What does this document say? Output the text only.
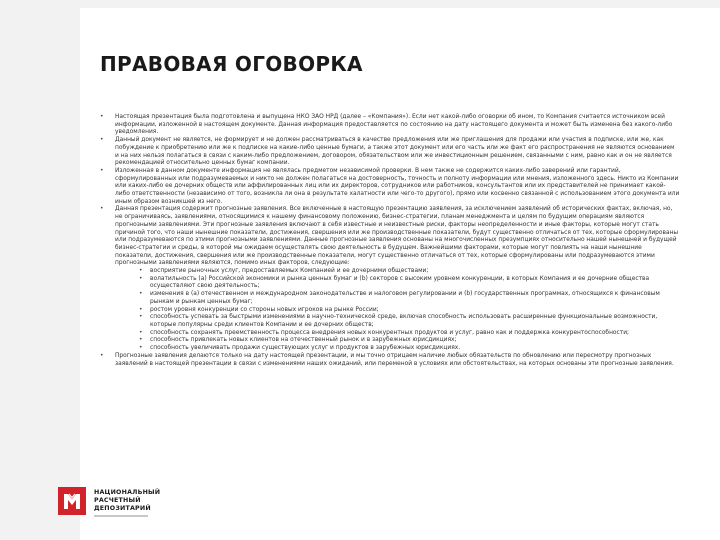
ПРАВОВАЯ ОГОВОРКА
• Настоящая презентация была подготовлена и выпущена НКО ЗАО НРД (далее – «Компания»). Если нет какой-либо оговорки об ином, то Компания считается источником всей информации, изложенной в настоящем документе. Данная информация предоставляется по состоянию на дату настоящего документа и может быть изменена без какого-либо уведомления.
• Данный документ не является, не формирует и не должен рассматриваться в качестве предложения или же приглашения для продажи или участия в подписке, или же, как побуждение к приобретению или же к подписке на какие-либо ценные бумаги, а также этот документ или его часть или же факт его распространения не являются основанием и на них нельзя полагаться в связи с каким-либо предложением, договором, обязательством или же инвестиционным решением, связанными с ним, равно как и он не является рекомендацией относительно ценных бумаг компании.
• Изложенная в данном документе информация не являлась предметом независимой проверки. В нем также не содержится каких-либо заверений или гарантий, сформулированных или подразумеваемых и никто не должен полагаться на достоверность, точность и полноту информации или мнения, изложенного здесь. Никто из Компании или каких-либо ее дочерних обществ или аффилированных лиц или их директоров, сотрудников или работников, консультантов или их представителей не принимает какой-либо ответственности (независимо от того, возникла ли она в результате халатности или чего-то другого), прямо или косвенно связанной с использованием этого документа или иным образом возникшей из него.
• Данная презентация содержит прогнозные заявления. Все включенные в настоящую презентацию заявления, за исключением заявлений об исторических фактах, включая, но, не ограничиваясь, заявлениями, относящимися к нашему финансовому положению, бизнес-стратегии, планам менеджмента и целям по будущим операциям являются прогнозными заявлениями. Эти прогнозные заявления включают в себя известные и неизвестные риски, факторы неопределенности и иные факторы, которые могут стать причиной того, что наши нынешние показатели, достижения, свершения или же производственные показатели, будут существенно отличаться от тех, которые сформулированы или подразумеваются по этими прогнозными заявлениями. Данные прогнозные заявления основаны на многочисленных презумпциях относительно нашей нынешней и будущей бизнес-стратегии и среды, в которой мы ожидаем осуществлять свою деятельность в будущем. Важнейшими факторами, которые могут повлиять на наши нынешние показатели, достижения, свершения или же производственные показатели, могут существенно отличаться от тех, которые сформулированы или подразумеваются этими прогнозными заявлениями являются, помимо иных факторов, следующие:
• восприятие рыночных услуг, предоставляемых Компанией и ее дочерними обществами;
• волатильность (а) Российской экономики и рынка ценных бумаг и (b) секторов с высоким уровнем конкуренции, в которых Компания и ее дочерние общества осуществляют свою деятельность;
• изменения в (а) отечественном и международном законодательстве и налоговом регулировании и (b) государственных программах, относящихся к финансовым рынкам и рынкам ценных бумаг;
• ростом уровня конкуренции со стороны новых игроков на рынке России;
• способность успевать за быстрыми изменениями в научно-технической среде, включая способность использовать расширенные функциональные возможности, которые популярны среди клиентов Компании и ее дочерних обществ;
• способность сохранять преемственность процесса внедрения новых конкурентных продуктов и услуг, равно как и поддержка конкурентоспособности;
• способность привлекать новых клиентов на отечественный рынок и в зарубежных юрисдикциях;
• способность увеличивать продажи существующих услуг и продуктов в зарубежных юрисдикциях.
• Прогнозные заявления делаются только на дату настоящей презентации, и мы точно отрицаем наличие любых обязательств по обновлению или пересмотру прогнозных заявлений в настоящей презентации в связи с изменениями наших ожиданий, или переменой в условиях или обстоятельствах, на которых основаны эти прогнозные заявления.
НАЦИОНАЛЬНЫЙ
РАСЧЕТНЫЙ
ДЕПОЗИТАРИЙ
